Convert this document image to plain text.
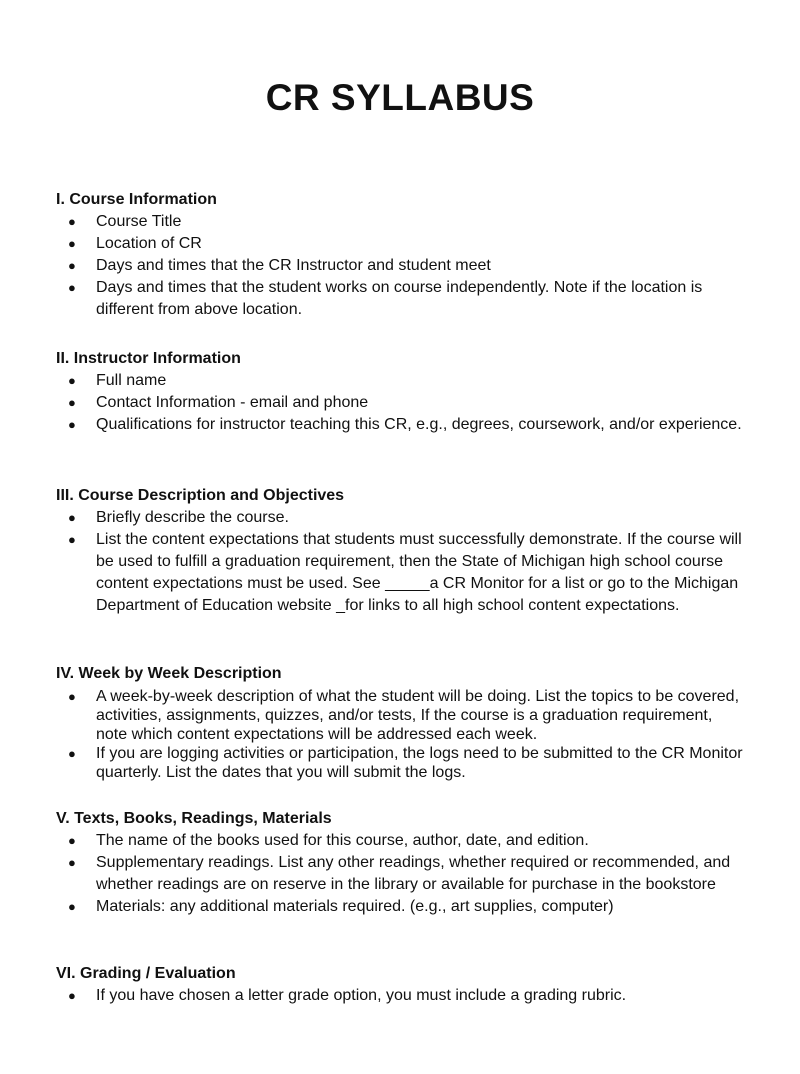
CR SYLLABUS
I. Course Information
● Course Title
● Location of CR
● Days and times that the CR Instructor and student meet
● Days and times that the student works on course independently. Note if the location is different from above location.
II. Instructor Information
● Full name
● Contact Information - email and phone
● Qualifications for instructor teaching this CR, e.g., degrees, coursework, and/or experience.
III. Course Description and Objectives
● Briefly describe the course.
● List the content expectations that students must successfully demonstrate. If the course will be used to fulfill a graduation requirement, then the State of Michigan high school course content expectations must be used. See _____a CR Monitor for a list or go to the Michigan Department of Education website _for links to all high school content expectations.
IV. Week by Week Description
● A week-by-week description of what the student will be doing. List the topics to be covered, activities, assignments, quizzes, and/or tests, If the course is a graduation requirement, note which content expectations will be addressed each week.
● If you are logging activities or participation, the logs need to be submitted to the CR Monitor quarterly. List the dates that you will submit the logs.
V. Texts, Books, Readings, Materials
● The name of the books used for this course, author, date, and edition.
● Supplementary readings. List any other readings, whether required or recommended, and whether readings are on reserve in the library or available for purchase in the bookstore
● Materials: any additional materials required. (e.g., art supplies, computer)
VI. Grading / Evaluation
● If you have chosen a letter grade option, you must include a grading rubric.
